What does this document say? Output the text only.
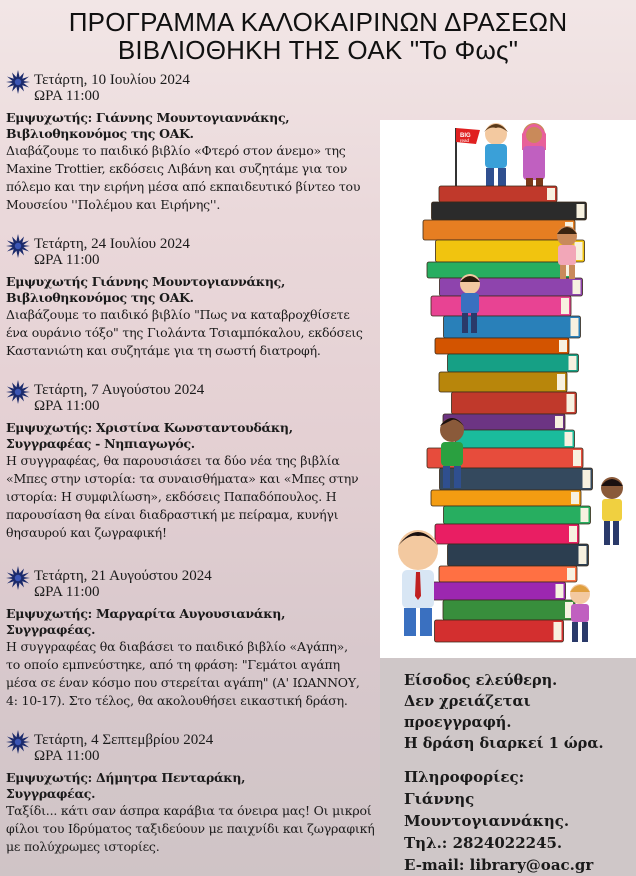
ΠΡΟΓΡΑΜΜΑ ΚΑΛΟΚΑΙΡΙΝΩΝ ΔΡΑΣΕΩΝ
ΒΙΒΛΙΟΘΗΚΗ ΤΗΣ ΟΑΚ "Το Φως"
Τετάρτη, 10 Ιουλίου 2024
ΩΡΑ 11:00
Εμψυχωτής: Γιάννης Μουντογιαννάκης,
Βιβλιοθηκονόμος της ΟΑΚ.
Διαβάζουμε το παιδικό βιβλίο «Φτερό στον άνεμο» της
Maxine Trottier, εκδόσεις Λιβάνη και συζητάμε για τον
πόλεμο και την ειρήνη μέσα από εκπαιδευτικό βίντεο του
Μουσείου ''Πολέμου και Ειρήνης''.
Τετάρτη, 24 Ιουλίου 2024
ΩΡΑ 11:00
Εμψυχωτής Γιάννης Μουντογιαννάκης,
Βιβλιοθηκονόμος της ΟΑΚ.
Διαβάζουμε το παιδικό βιβλίο "Πως να καταβροχθίσετε
ένα ουράνιο τόξο" της Γιολάντα Τσιαμπόκαλου, εκδόσεις
Καστανιώτη και συζητάμε για τη σωστή διατροφή.
Τετάρτη, 7 Αυγούστου 2024
ΩΡΑ 11:00
Εμψυχωτής: Χριστίνα Κωνσταντουδάκη,
Συγγραφέας - Νηπιαγωγός.
Η συγγραφέας, θα παρουσιάσει τα δύο νέα της βιβλία
«Μπες στην ιστορία: τα συναισθήματα» και «Μπες στην
ιστορία: Η συμφιλίωση», εκδόσεις Παπαδόπουλος. Η
παρουσίαση θα είναι διαδραστική με πείραμα, κυνήγι
θησαυρού και ζωγραφική!
Τετάρτη, 21 Αυγούστου 2024
ΩΡΑ 11:00
Εμψυχωτής: Μαργαρίτα Αυγουσιανάκη,
Συγγραφέας.
Η συγγραφέας θα διαβάσει το παιδικό βιβλίο «Αγάπη»,
το οποίο εμπνεύστηκε, από τη φράση: "Γεμάτοι αγάπη
μέσα σε έναν κόσμο που στερείται αγάπη" (Α' ΙΩΑΝΝΟΥ,
4: 10-17). Στο τέλος, θα ακολουθήσει εικαστική δράση.
Τετάρτη, 4 Σεπτεμβρίου 2024
ΩΡΑ 11:00
Εμψυχωτής: Δήμητρα Πενταράκη,
Συγγραφέας.
Ταξίδι... κάτι σαν άσπρα καράβια τα όνειρα μας! Οι μικροί
φίλοι του Ιδρύματος ταξιδεύουν με παιχνίδι και ζωγραφική
με πολύχρωμες ιστορίες.
BIG
read
Είσοδος ελεύθερη.
Δεν χρειάζεται προεγγραφή.
Η δράση διαρκεί 1 ώρα.
Πληροφορίες:
Γιάννης Μουντογιαννάκης.
Τηλ.: 2824022245.
E-mail: library@oac.gr
